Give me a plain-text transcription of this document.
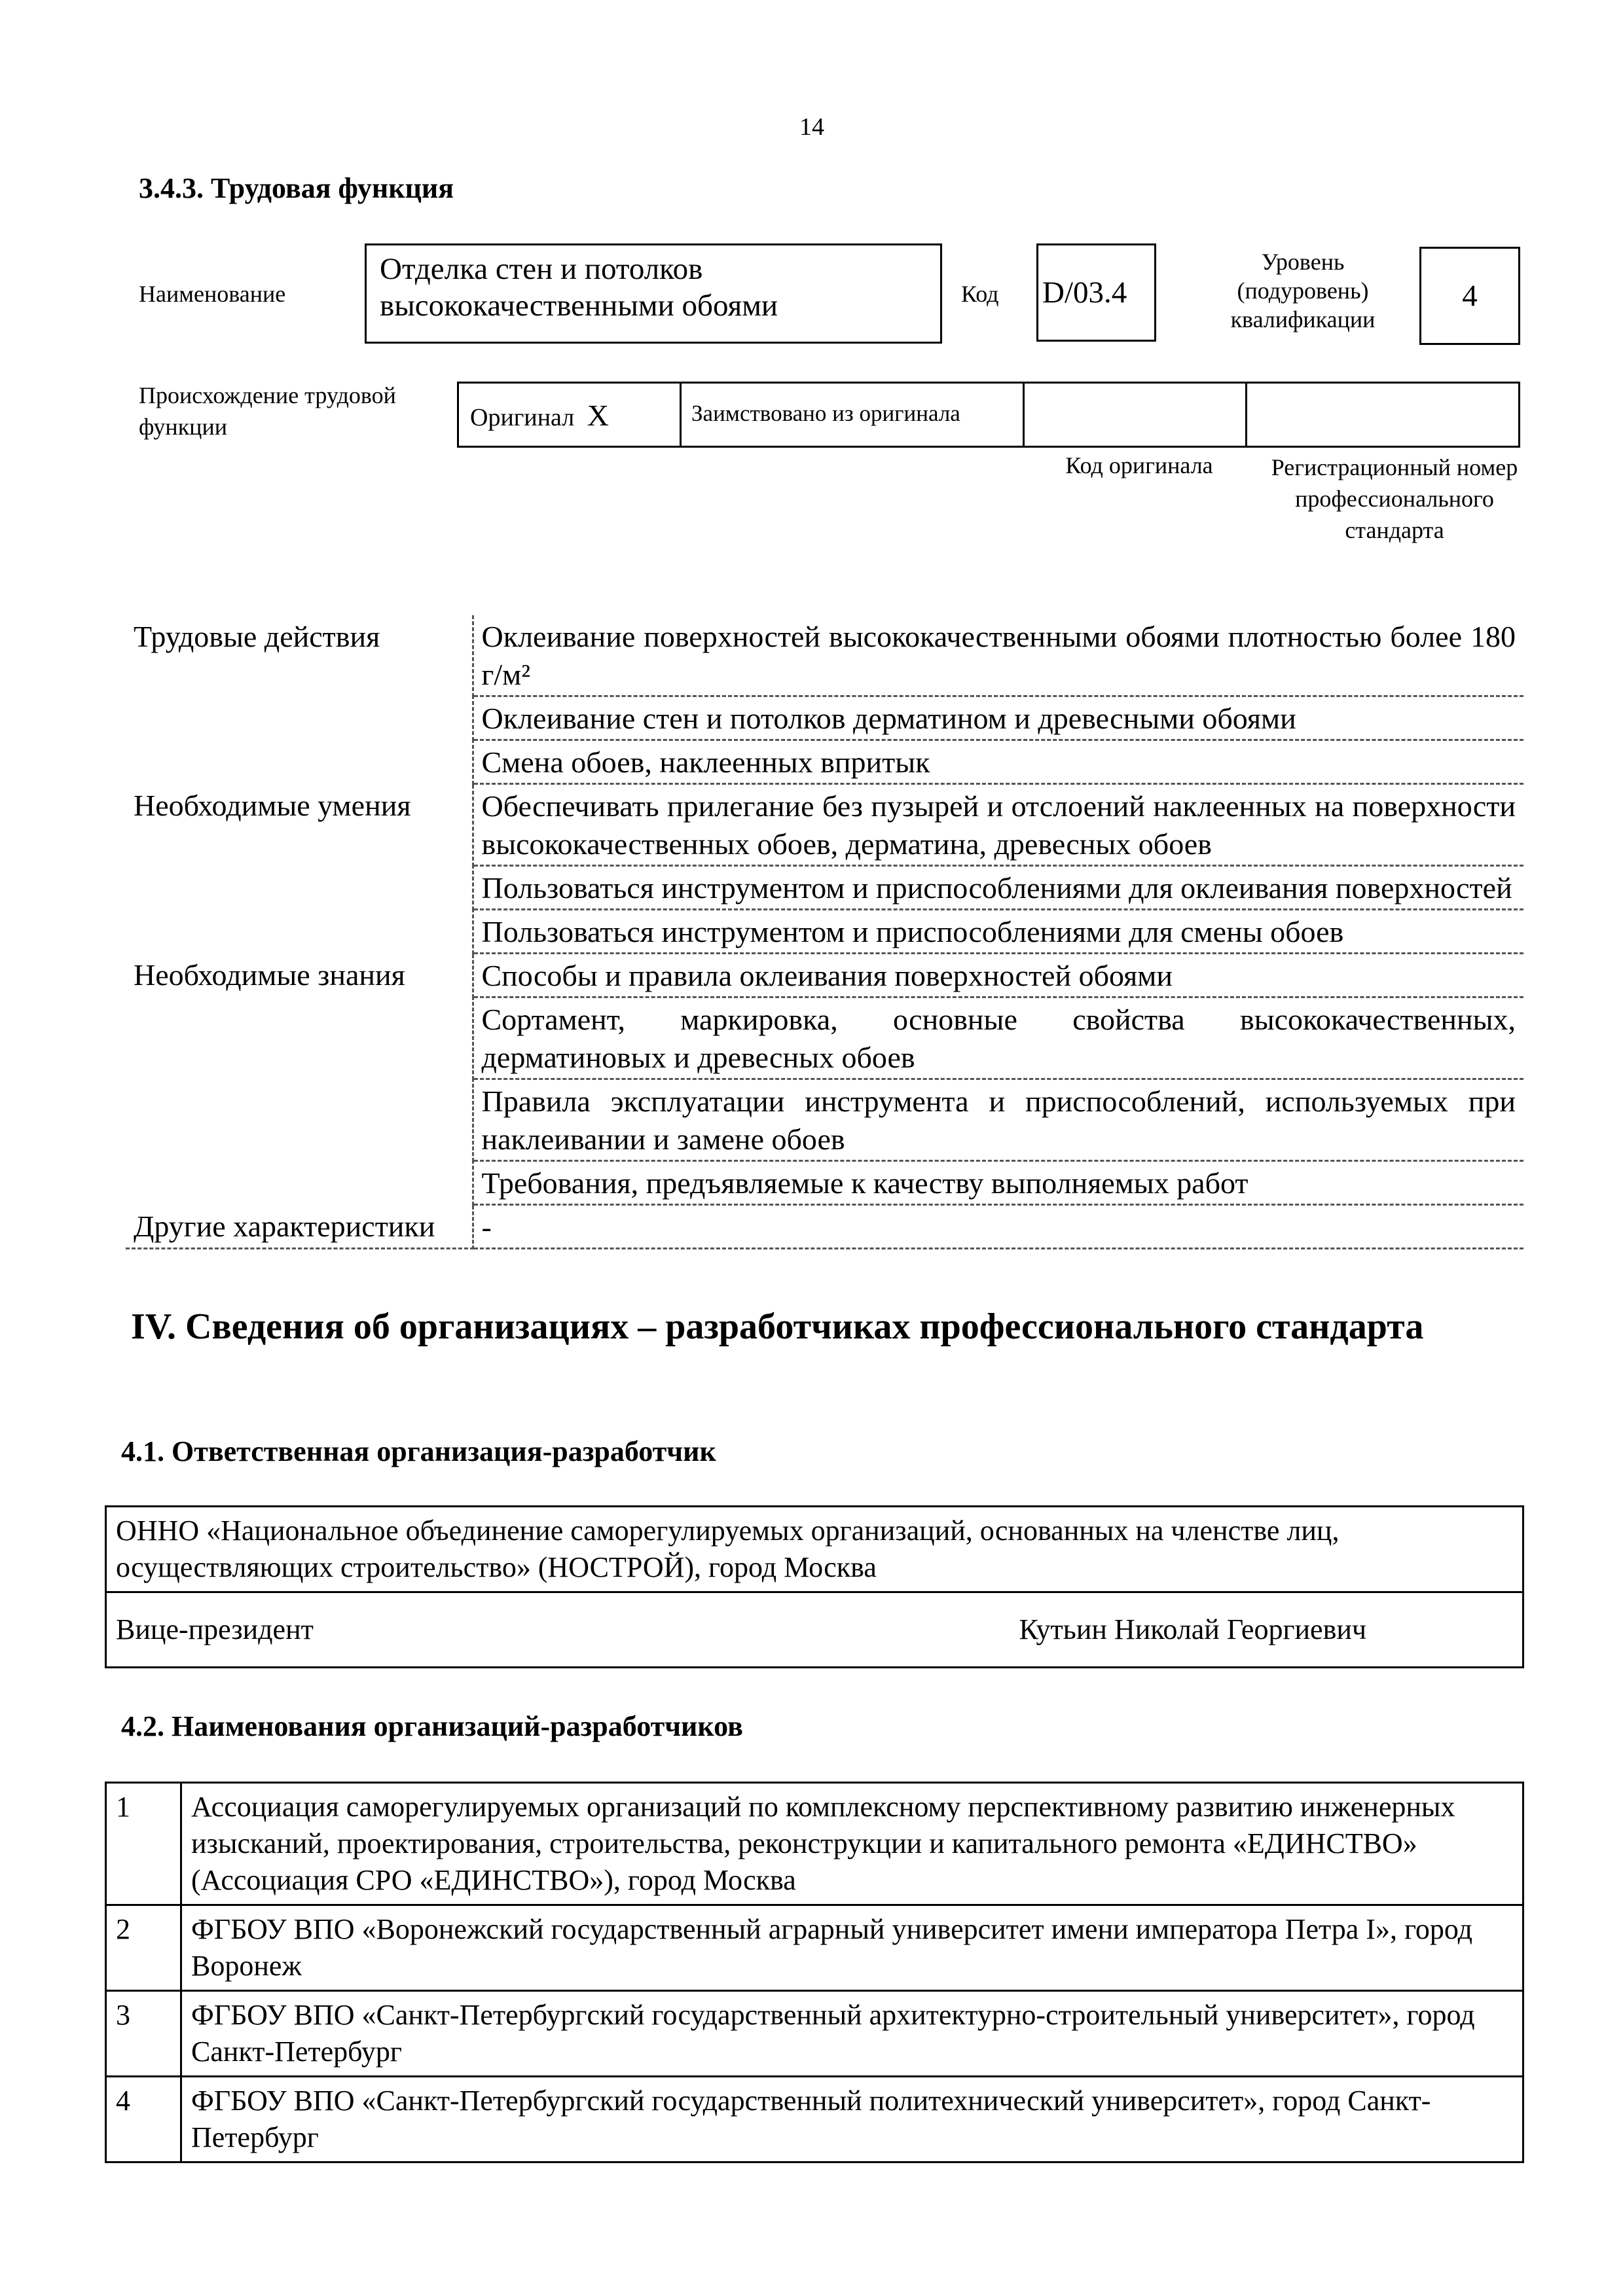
14
3.4.3. Трудовая функция
Наименование
Отделка стен и потолков высококачественными обоями	Код D/03.4
Уровень (подуровень) квалификации
4
Происхождение трудовой функции	Оригинал X	Заимствовано из оригинала
Код оригинала	Регистрационный номер профессионального стандарта
Трудовые действия	Оклеивание поверхностей высококачественными обоями плотностью более 180 г/м²
	Оклеивание стен и потолков дерматином и древесными обоями
	Смена обоев, наклеенных впритык
Необходимые умения	Обеспечивать прилегание без пузырей и отслоений наклеенных на поверхности высококачественных обоев, дерматина, древесных обоев
	Пользоваться инструментом и приспособлениями для оклеивания поверхностей
	Пользоваться инструментом и приспособлениями для смены обоев
Необходимые знания	Способы и правила оклеивания поверхностей обоями
	Сортамент, маркировка, основные свойства высококачественных, дерматиновых и древесных обоев
	Правила эксплуатации инструмента и приспособлений, используемых при наклеивании и замене обоев
	Требования, предъявляемые к качеству выполняемых работ
Другие характеристики	-
IV. Сведения об организациях – разработчиках профессионального стандарта
4.1. Ответственная организация-разработчик
ОННО «Национальное объединение саморегулируемых организаций, основанных на членстве лиц, осуществляющих строительство» (НОСТРОЙ), город Москва
Вице-президент	Кутьин Николай Георгиевич
4.2. Наименования организаций-разработчиков
1	Ассоциация саморегулируемых организаций по комплексному перспективному развитию инженерных изысканий, проектирования, строительства, реконструкции и капитального ремонта «ЕДИНСТВО» (Ассоциация СРО «ЕДИНСТВО»), город Москва
2	ФГБОУ ВПО «Воронежский государственный аграрный университет имени императора Петра I», город Воронеж
3	ФГБОУ ВПО «Санкт-Петербургский государственный архитектурно-строительный университет», город Санкт-Петербург
4	ФГБОУ ВПО «Санкт-Петербургский государственный политехнический университет», город Санкт-Петербург
